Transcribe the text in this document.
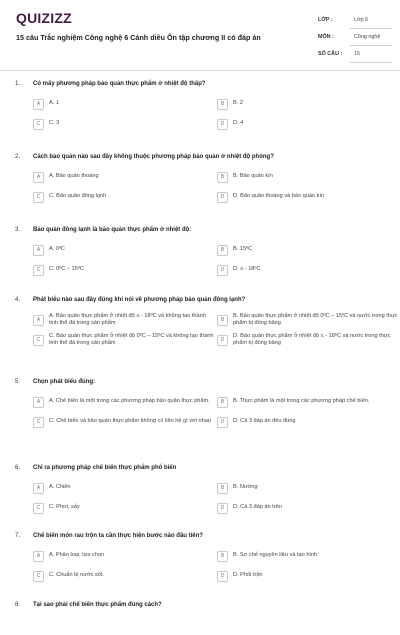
QUIZIZZ
15 câu Trắc nghiệm Công nghệ 6 Cánh diều Ôn tập chương II có đáp án
LỚP :	Lớp 6
MÔN :	Công nghệ
SỐ CÂU : 15
1. Có mấy phương pháp bảo quản thực phẩm ở nhiệt độ thấp?
A	A. 1	B	B. 2
C	C. 3	D	D. 4
2. Cách bảo quản nào sau đây không thuộc phương pháp bảo quản ở nhiệt độ phòng?
A	A. Bảo quản thoáng	B	B. Bảo quản kín
C	C. Bảo quản đông lạnh	D	D. Bảo quản thoáng và bảo quản kín
3. Bảo quản đông lạnh là bảo quản thực phẩm ở nhiệt độ:
A	A. 0ºC	B	B. 15ºC
C	C. 0ºC – 15ºC	D	D. ≤ - 18ºC
4. Phát biểu nào sau đây đúng khi nói về phương pháp bảo quản đông lạnh?
A
A. Bảo quản thực phẩm ở nhiệt độ ≤ - 18ºC và không tạo thành tinh thể đá trong sản phẩm
B
B. Bảo quản thực phẩm ở nhiệt độ 0ºC – 15ºC và nước trong thực phẩm bị đóng băng
C
C. Bảo quản thực phẩm ở nhiệt độ 0ºC – 15ºC và không tạo thành tinh thể đá trong sản phẩm
D
D. Bảo quản thực phẩm ở nhiệt độ ≤ - 18ºC và nước trong thực phẩm bị đóng băng
5. Chọn phát biểu đúng:
A	A. Chế biến là một trong các phương pháp bảo quản thực phẩm.	B	B. Thực phẩm là một trong các phương pháp chế biến.
C	C. Chế biến và bảo quản thực phẩm không có liên hệ gì với nhau	D	D. Cả 3 đáp án đều đúng
6. Chỉ ra phương pháp chế biến thực phẩm phổ biến
A	A. Chiên	B	B. Nướng
C	C. Phơi, sấy	D	D. Cả 3 đáp án trên
7. Chế biến món rau trộn ta cần thực hiện bước nào đầu tiên?
A	A. Phân loại, lựa chọn	B	B. Sơ chế nguyên liệu và tạo hình
C	C. Chuẩn bị nước sốt.	D	D. Phối trộn
8. Tại sao phải chế biến thực phẩm đúng cách?
